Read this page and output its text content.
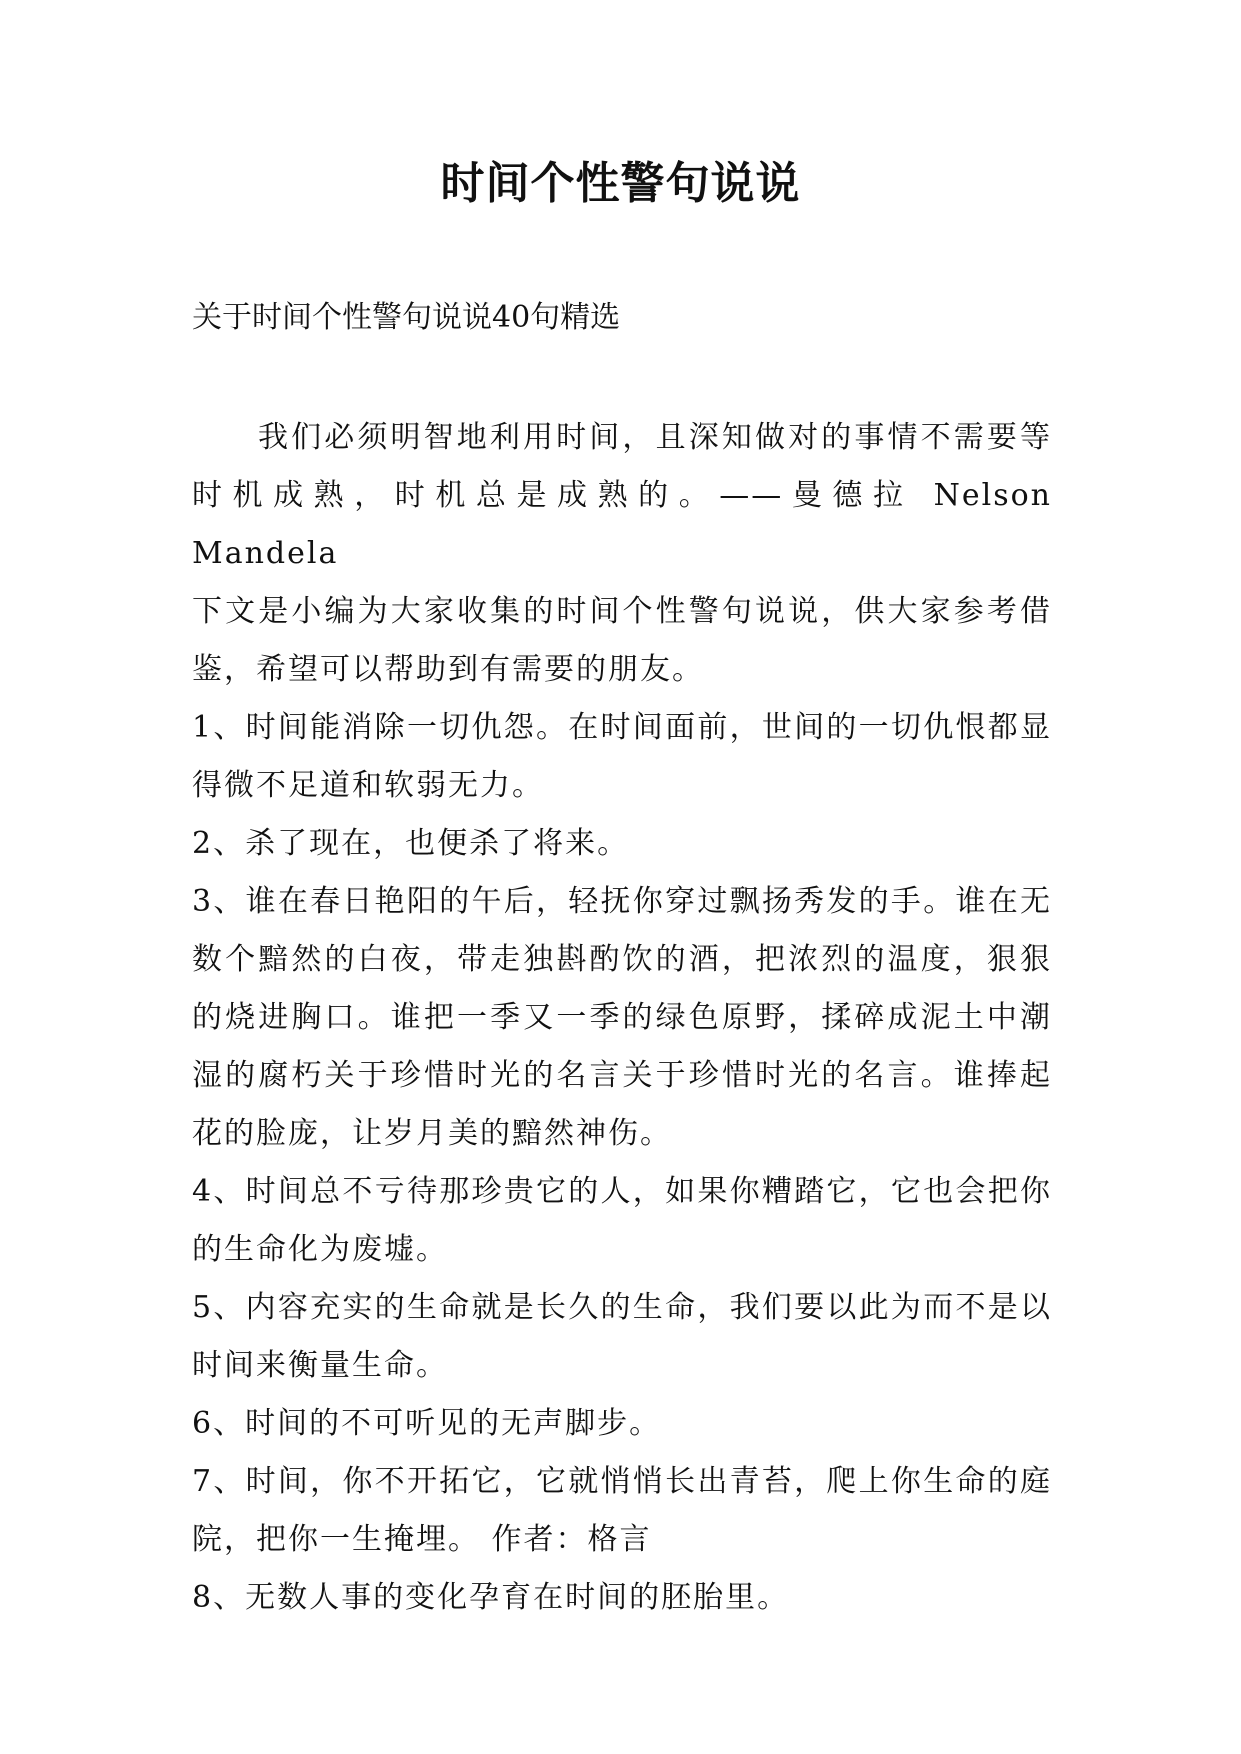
时间个性警句说说
关于时间个性警句说说40句精选

我们必须明智地利用时间，且深知做对的事情不需要等时机成熟，时机总是成熟的。——曼德拉 Nelson Mandela

下文是小编为大家收集的时间个性警句说说，供大家参考借鉴，希望可以帮助到有需要的朋友。

1、时间能消除一切仇怨。在时间面前，世间的一切仇恨都显得微不足道和软弱无力。

2、杀了现在，也便杀了将来。

3、谁在春日艳阳的午后，轻抚你穿过飘扬秀发的手。谁在无数个黯然的白夜，带走独斟酌饮的酒，把浓烈的温度，狠狠的烧进胸口。谁把一季又一季的绿色原野，揉碎成泥土中潮湿的腐朽关于珍惜时光的名言关于珍惜时光的名言。谁捧起花的脸庞，让岁月美的黯然神伤。

4、时间总不亏待那珍贵它的人，如果你糟踏它，它也会把你的生命化为废墟。

5、内容充实的生命就是长久的生命，我们要以此为而不是以时间来衡量生命。

6、时间的不可听见的无声脚步。

7、时间，你不开拓它，它就悄悄长出青苔，爬上你生命的庭院，把你一生掩埋。 作者：格言

8、无数人事的变化孕育在时间的胚胎里。
